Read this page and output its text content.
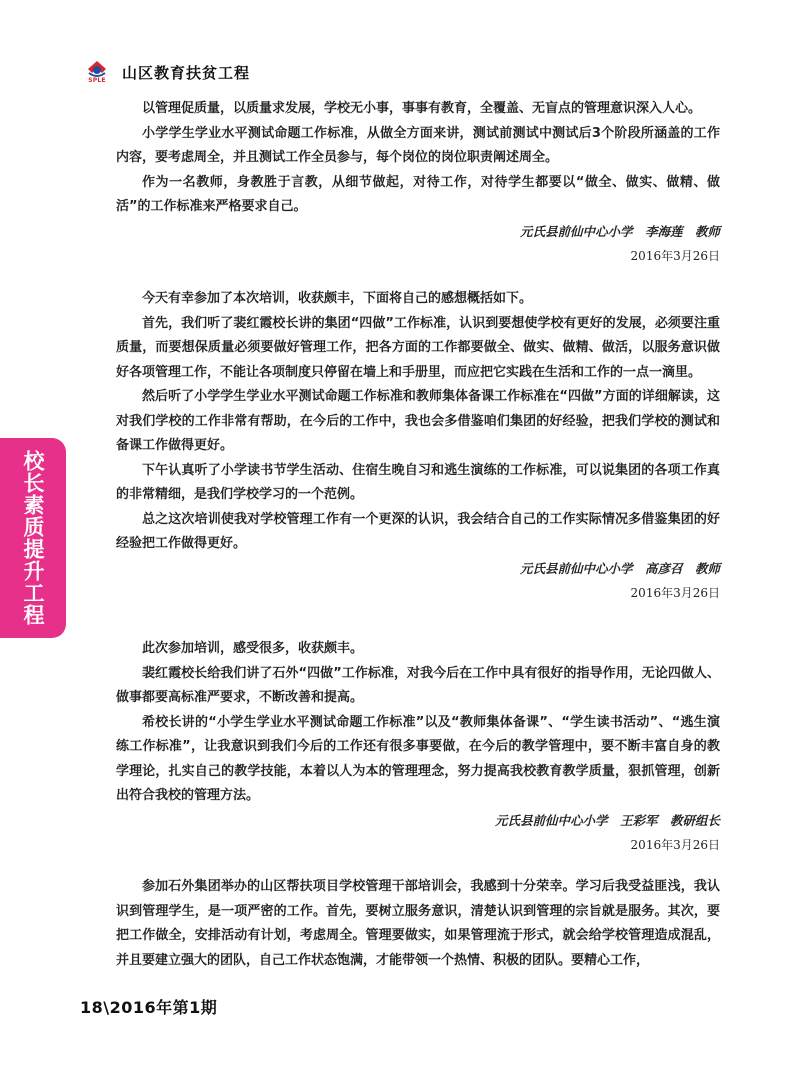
SPLE	山区教育扶贫工程
校长素质提升工程

以管理促质量，以质量求发展，学校无小事，事事有教育，全覆盖、无盲点的管理意识深入人心。

小学学生学业水平测试命题工作标准，从做全方面来讲，测试前测试中测试后3个阶段所涵盖的工作内容，要考虑周全，并且测试工作全员参与，每个岗位的岗位职责阐述周全。

作为一名教师，身教胜于言教，从细节做起，对待工作，对待学生都要以“做全、做实、做精、做活”的工作标准来严格要求自己。

元氏县前仙中心小学　李海莲　教师

2016年3月26日

今天有幸参加了本次培训，收获颇丰，下面将自己的感想概括如下。

首先，我们听了裴红霞校长讲的集团“四做”工作标准，认识到要想使学校有更好的发展，必须要注重质量，而要想保质量必须要做好管理工作，把各方面的工作都要做全、做实、做精、做活，以服务意识做好各项管理工作，不能让各项制度只停留在墙上和手册里，而应把它实践在生活和工作的一点一滴里。

然后听了小学学生学业水平测试命题工作标准和教师集体备课工作标准在“四做”方面的详细解读，这对我们学校的工作非常有帮助，在今后的工作中，我也会多借鉴咱们集团的好经验，把我们学校的测试和备课工作做得更好。

下午认真听了小学读书节学生活动、住宿生晚自习和逃生演练的工作标准，可以说集团的各项工作真的非常精细，是我们学校学习的一个范例。

总之这次培训使我对学校管理工作有一个更深的认识，我会结合自己的工作实际情况多借鉴集团的好经验把工作做得更好。

元氏县前仙中心小学　高彦召　教师

2016年3月26日

此次参加培训，感受很多，收获颇丰。

裴红霞校长给我们讲了石外“四做”工作标准，对我今后在工作中具有很好的指导作用，无论四做人、做事都要高标准严要求，不断改善和提高。

希校长讲的“小学生学业水平测试命题工作标准”以及“教师集体备课”、“学生读书活动”、“逃生演练工作标准”，让我意识到我们今后的工作还有很多事要做，在今后的教学管理中，要不断丰富自身的教学理论，扎实自己的教学技能，本着以人为本的管理理念，努力提高我校教育教学质量，狠抓管理，创新出符合我校的管理方法。

元氏县前仙中心小学　王彩军　教研组长

2016年3月26日

参加石外集团举办的山区帮扶项目学校管理干部培训会，我感到十分荣幸。学习后我受益匪浅，我认识到管理学生，是一项严密的工作。首先，要树立服务意识，清楚认识到管理的宗旨就是服务。其次，要把工作做全，安排活动有计划，考虑周全。管理要做实，如果管理流于形式，就会给学校管理造成混乱，并且要建立强大的团队，自己工作状态饱满，才能带领一个热情、积极的团队。要精心工作，

18\2016年第1期
